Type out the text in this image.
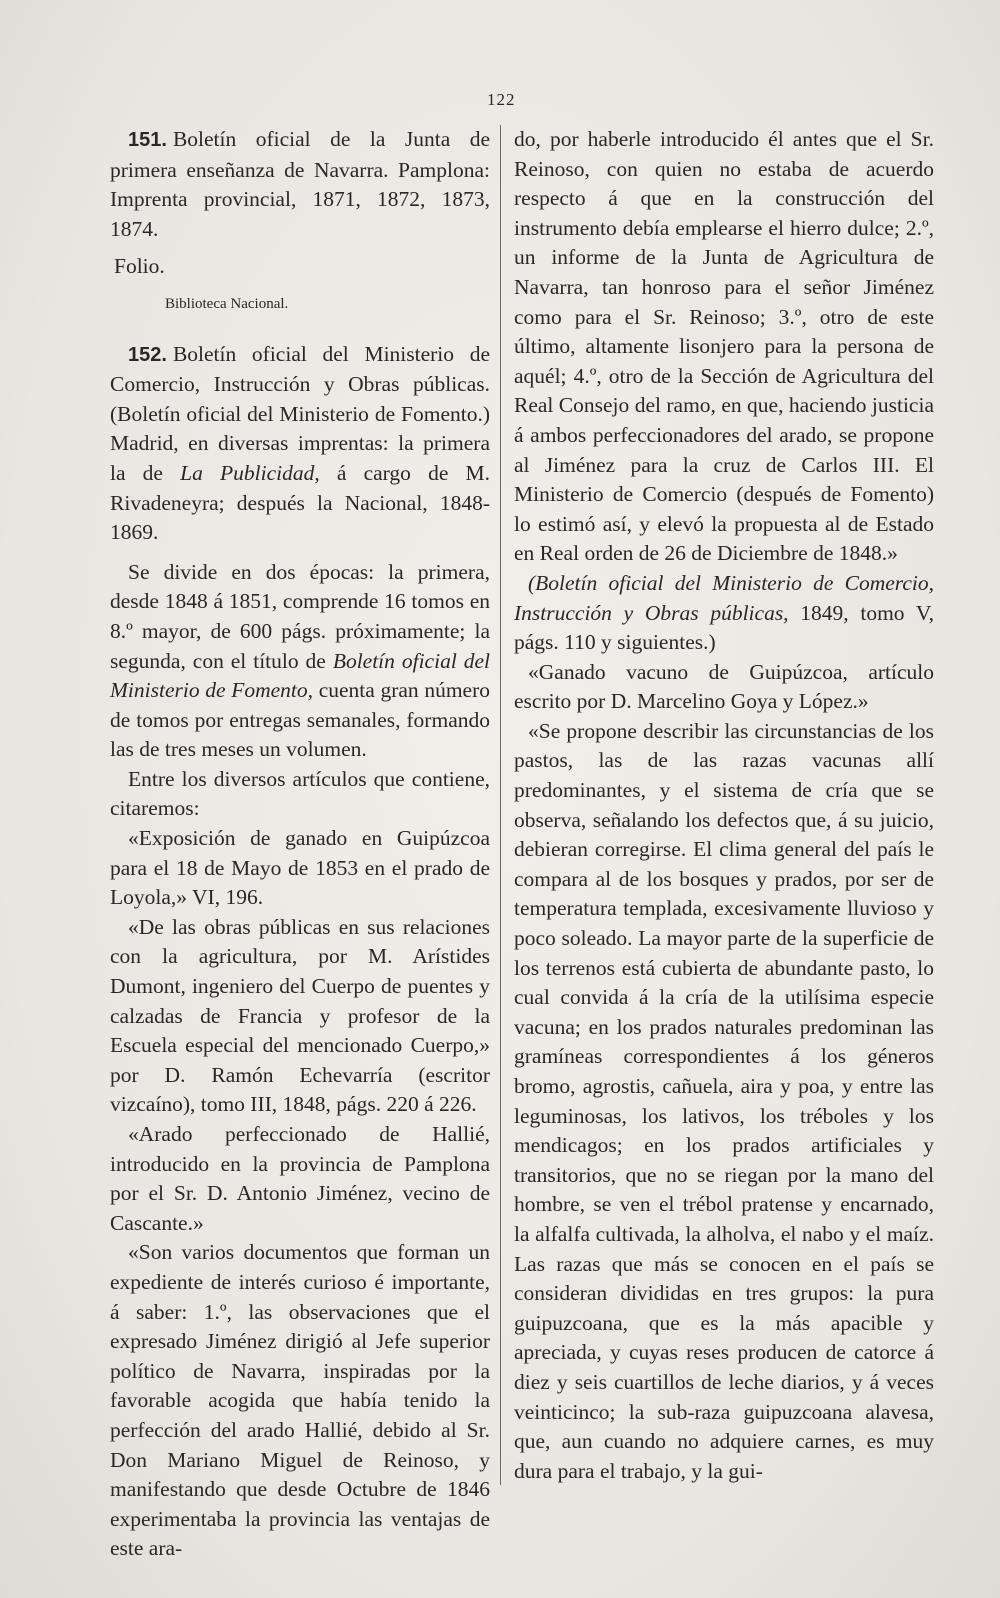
122

151. Boletín oficial de la Junta de primera enseñanza de Navarra. Pamplona: Imprenta provincial, 1871, 1872, 1873, 1874.

Folio.

Biblioteca Nacional.

152. Boletín oficial del Ministerio de Comercio, Instrucción y Obras públicas. (Boletín oficial del Ministerio de Fomento.) Madrid, en diversas imprentas: la primera la de La Publicidad, á cargo de M. Rivadeneyra; después la Nacional, 1848-1869.

Se divide en dos épocas: la primera, desde 1848 á 1851, comprende 16 tomos en 8.º mayor, de 600 págs. próximamente; la segunda, con el título de Boletín oficial del Ministerio de Fomento, cuenta gran número de tomos por entregas semanales, formando las de tres meses un volumen.

Entre los diversos artículos que contiene, citaremos:

«Exposición de ganado en Guipúzcoa para el 18 de Mayo de 1853 en el prado de Loyola,» VI, 196.

«De las obras públicas en sus relaciones con la agricultura, por M. Arístides Dumont, ingeniero del Cuerpo de puentes y calzadas de Francia y profesor de la Escuela especial del mencionado Cuerpo,» por D. Ramón Echevarría (escritor vizcaíno), tomo III, 1848, págs. 220 á 226.

«Arado perfeccionado de Hallié, introducido en la provincia de Pamplona por el Sr. D. Antonio Jiménez, vecino de Cascante.»

«Son varios documentos que forman un expediente de interés curioso é importante, á saber: 1.º, las observaciones que el expresado Jiménez dirigió al Jefe superior político de Navarra, inspiradas por la favorable acogida que había tenido la perfección del arado Hallié, debido al Sr. Don Mariano Miguel de Reinoso, y manifestando que desde Octubre de 1846 experimentaba la provincia las ventajas de este ara-

do, por haberle introducido él antes que el Sr. Reinoso, con quien no estaba de acuerdo respecto á que en la construcción del instrumento debía emplearse el hierro dulce; 2.º, un informe de la Junta de Agricultura de Navarra, tan honroso para el señor Jiménez como para el Sr. Reinoso; 3.º, otro de este último, altamente lisonjero para la persona de aquél; 4.º, otro de la Sección de Agricultura del Real Consejo del ramo, en que, haciendo justicia á ambos perfeccionadores del arado, se propone al Jiménez para la cruz de Carlos III. El Ministerio de Comercio (después de Fomento) lo estimó así, y elevó la propuesta al de Estado en Real orden de 26 de Diciembre de 1848.»

(Boletín oficial del Ministerio de Comercio, Instrucción y Obras públicas, 1849, tomo V, págs. 110 y siguientes.)

«Ganado vacuno de Guipúzcoa, artículo escrito por D. Marcelino Goya y López.»

«Se propone describir las circunstancias de los pastos, las de las razas vacunas allí predominantes, y el sistema de cría que se observa, señalando los defectos que, á su juicio, debieran corregirse. El clima general del país le compara al de los bosques y prados, por ser de temperatura templada, excesivamente lluvioso y poco soleado. La mayor parte de la superficie de los terrenos está cubierta de abundante pasto, lo cual convida á la cría de la utilísima especie vacuna; en los prados naturales predominan las gramíneas correspondientes á los géneros bromo, agrostis, cañuela, aira y poa, y entre las leguminosas, los lativos, los tréboles y los mendicagos; en los prados artificiales y transitorios, que no se riegan por la mano del hombre, se ven el trébol pratense y encarnado, la alfalfa cultivada, la alholva, el nabo y el maíz. Las razas que más se conocen en el país se consideran divididas en tres grupos: la pura guipuzcoana, que es la más apacible y apreciada, y cuyas reses producen de catorce á diez y seis cuartillos de leche diarios, y á veces veinticinco; la sub-raza guipuzcoana alavesa, que, aun cuando no adquiere carnes, es muy dura para el trabajo, y la gui-
